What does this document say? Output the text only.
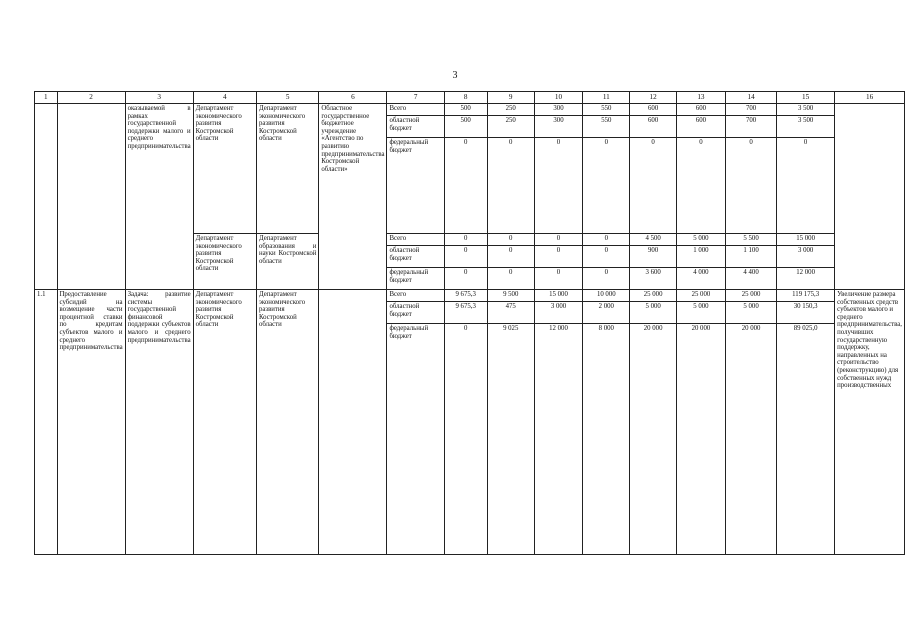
3
1	2	3	4	5	6	7	8	9	10	11	12	13	14	15	16
		оказываемой в рамках государственной поддержки малого и среднего предпринимательства	Департамент экономического развития Костромской области	Департамент экономического развития Костромской области	Областное государственное бюджетное учреждение «Агентство по развитию предпринимательства Костромской области»	Всего	500	250	300	550	600	600	700	3 500	
						областной бюджет	500	250	300	550	600	600	700	3 500	
						федеральный бюджет	0	0	0	0	0	0	0	0	
			Департамент экономического развития Костромской области	Департамент образования и науки Костромской области		Всего	0	0	0	0	4 500	5 000	5 500	15 000	
						областной бюджет	0	0	0	0	900	1 000	1 100	3 000	
						федеральный бюджет	0	0	0	0	3 600	4 000	4 400	12 000	
1.1	Предоставление субсидий на возмещение части процентной ставки по кредитам субъектов малого и среднего предпринимательства	Задача: развитие системы государственной финансовой поддержки субъектов малого и среднего предпринимательства	Департамент экономического развития Костромской области	Департамент экономического развития Костромской области		Всего	9 675,3	9 500	15 000	10 000	25 000	25 000	25 000	119 175,3	Увеличение размера собственных средств субъектов малого и среднего предпринимательства, получивших государственную поддержку, направленных на строительство (реконструкцию) для собственных нужд производственных
						областной бюджет	9 675,3	475	3 000	2 000	5 000	5 000	5 000	30 150,3	
						федеральный бюджет	0	9 025	12 000	8 000	20 000	20 000	20 000	89 025,0	
